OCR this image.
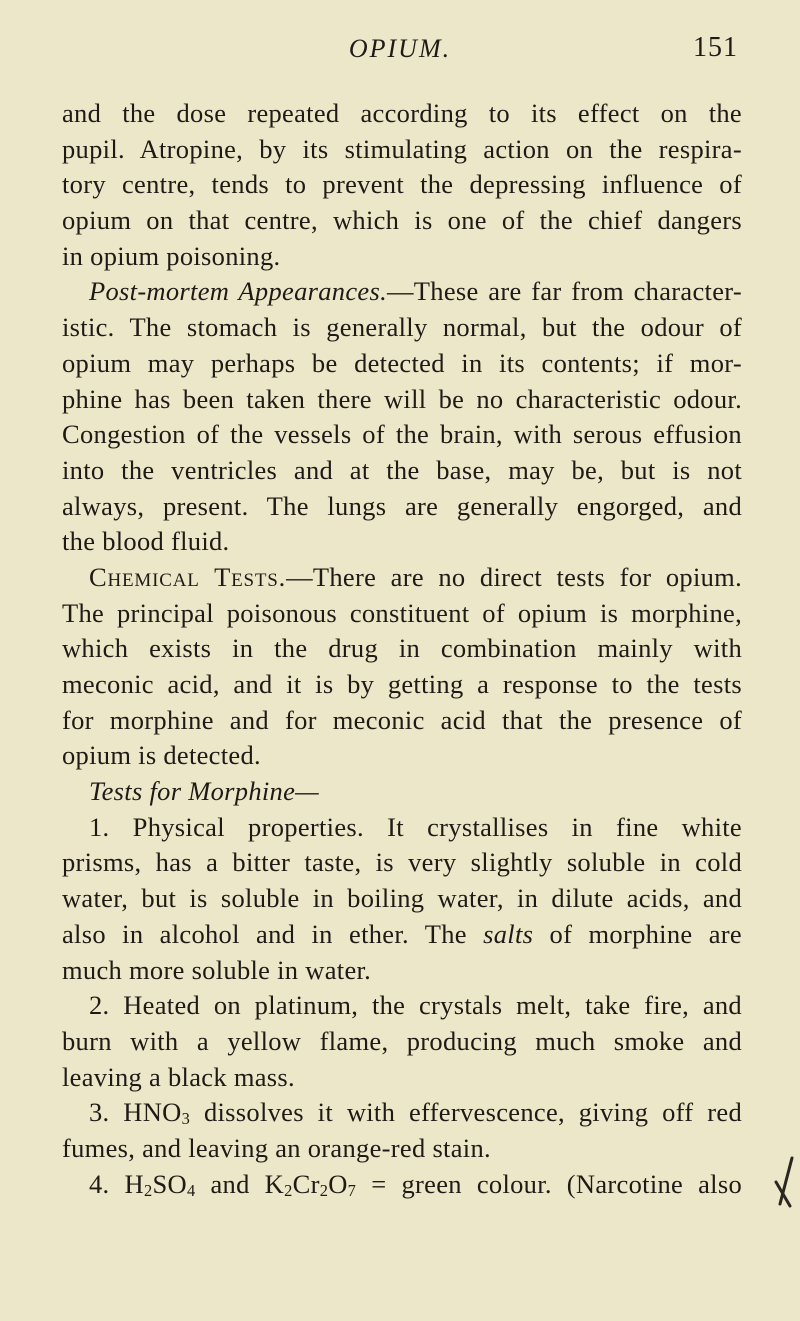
OPIUM.	151
and the dose repeated according to its effect on the
pupil. Atropine, by its stimulating action on the respira-
tory centre, tends to prevent the depressing influence of
opium on that centre, which is one of the chief dangers
in opium poisoning.
Post-mortem Appearances.—These are far from character-
istic. The stomach is generally normal, but the odour of
opium may perhaps be detected in its contents; if mor-
phine has been taken there will be no characteristic odour.
Congestion of the vessels of the brain, with serous effusion
into the ventricles and at the base, may be, but is not
always, present. The lungs are generally engorged, and
the blood fluid.
Chemical Tests.—There are no direct tests for opium.
The principal poisonous constituent of opium is morphine,
which exists in the drug in combination mainly with
meconic acid, and it is by getting a response to the tests
for morphine and for meconic acid that the presence of
opium is detected.
Tests for Morphine—
1. Physical properties. It crystallises in fine white
prisms, has a bitter taste, is very slightly soluble in cold
water, but is soluble in boiling water, in dilute acids, and
also in alcohol and in ether. The salts of morphine are
much more soluble in water.
2. Heated on platinum, the crystals melt, take fire, and
burn with a yellow flame, producing much smoke and
leaving a black mass.
3. $HNO_3$ dissolves it with effervescence, giving off red
fumes, and leaving an orange-red stain.
4. $H_2SO_4$ and $K_2Cr_2O_7$ = green colour. (Narcotine also
